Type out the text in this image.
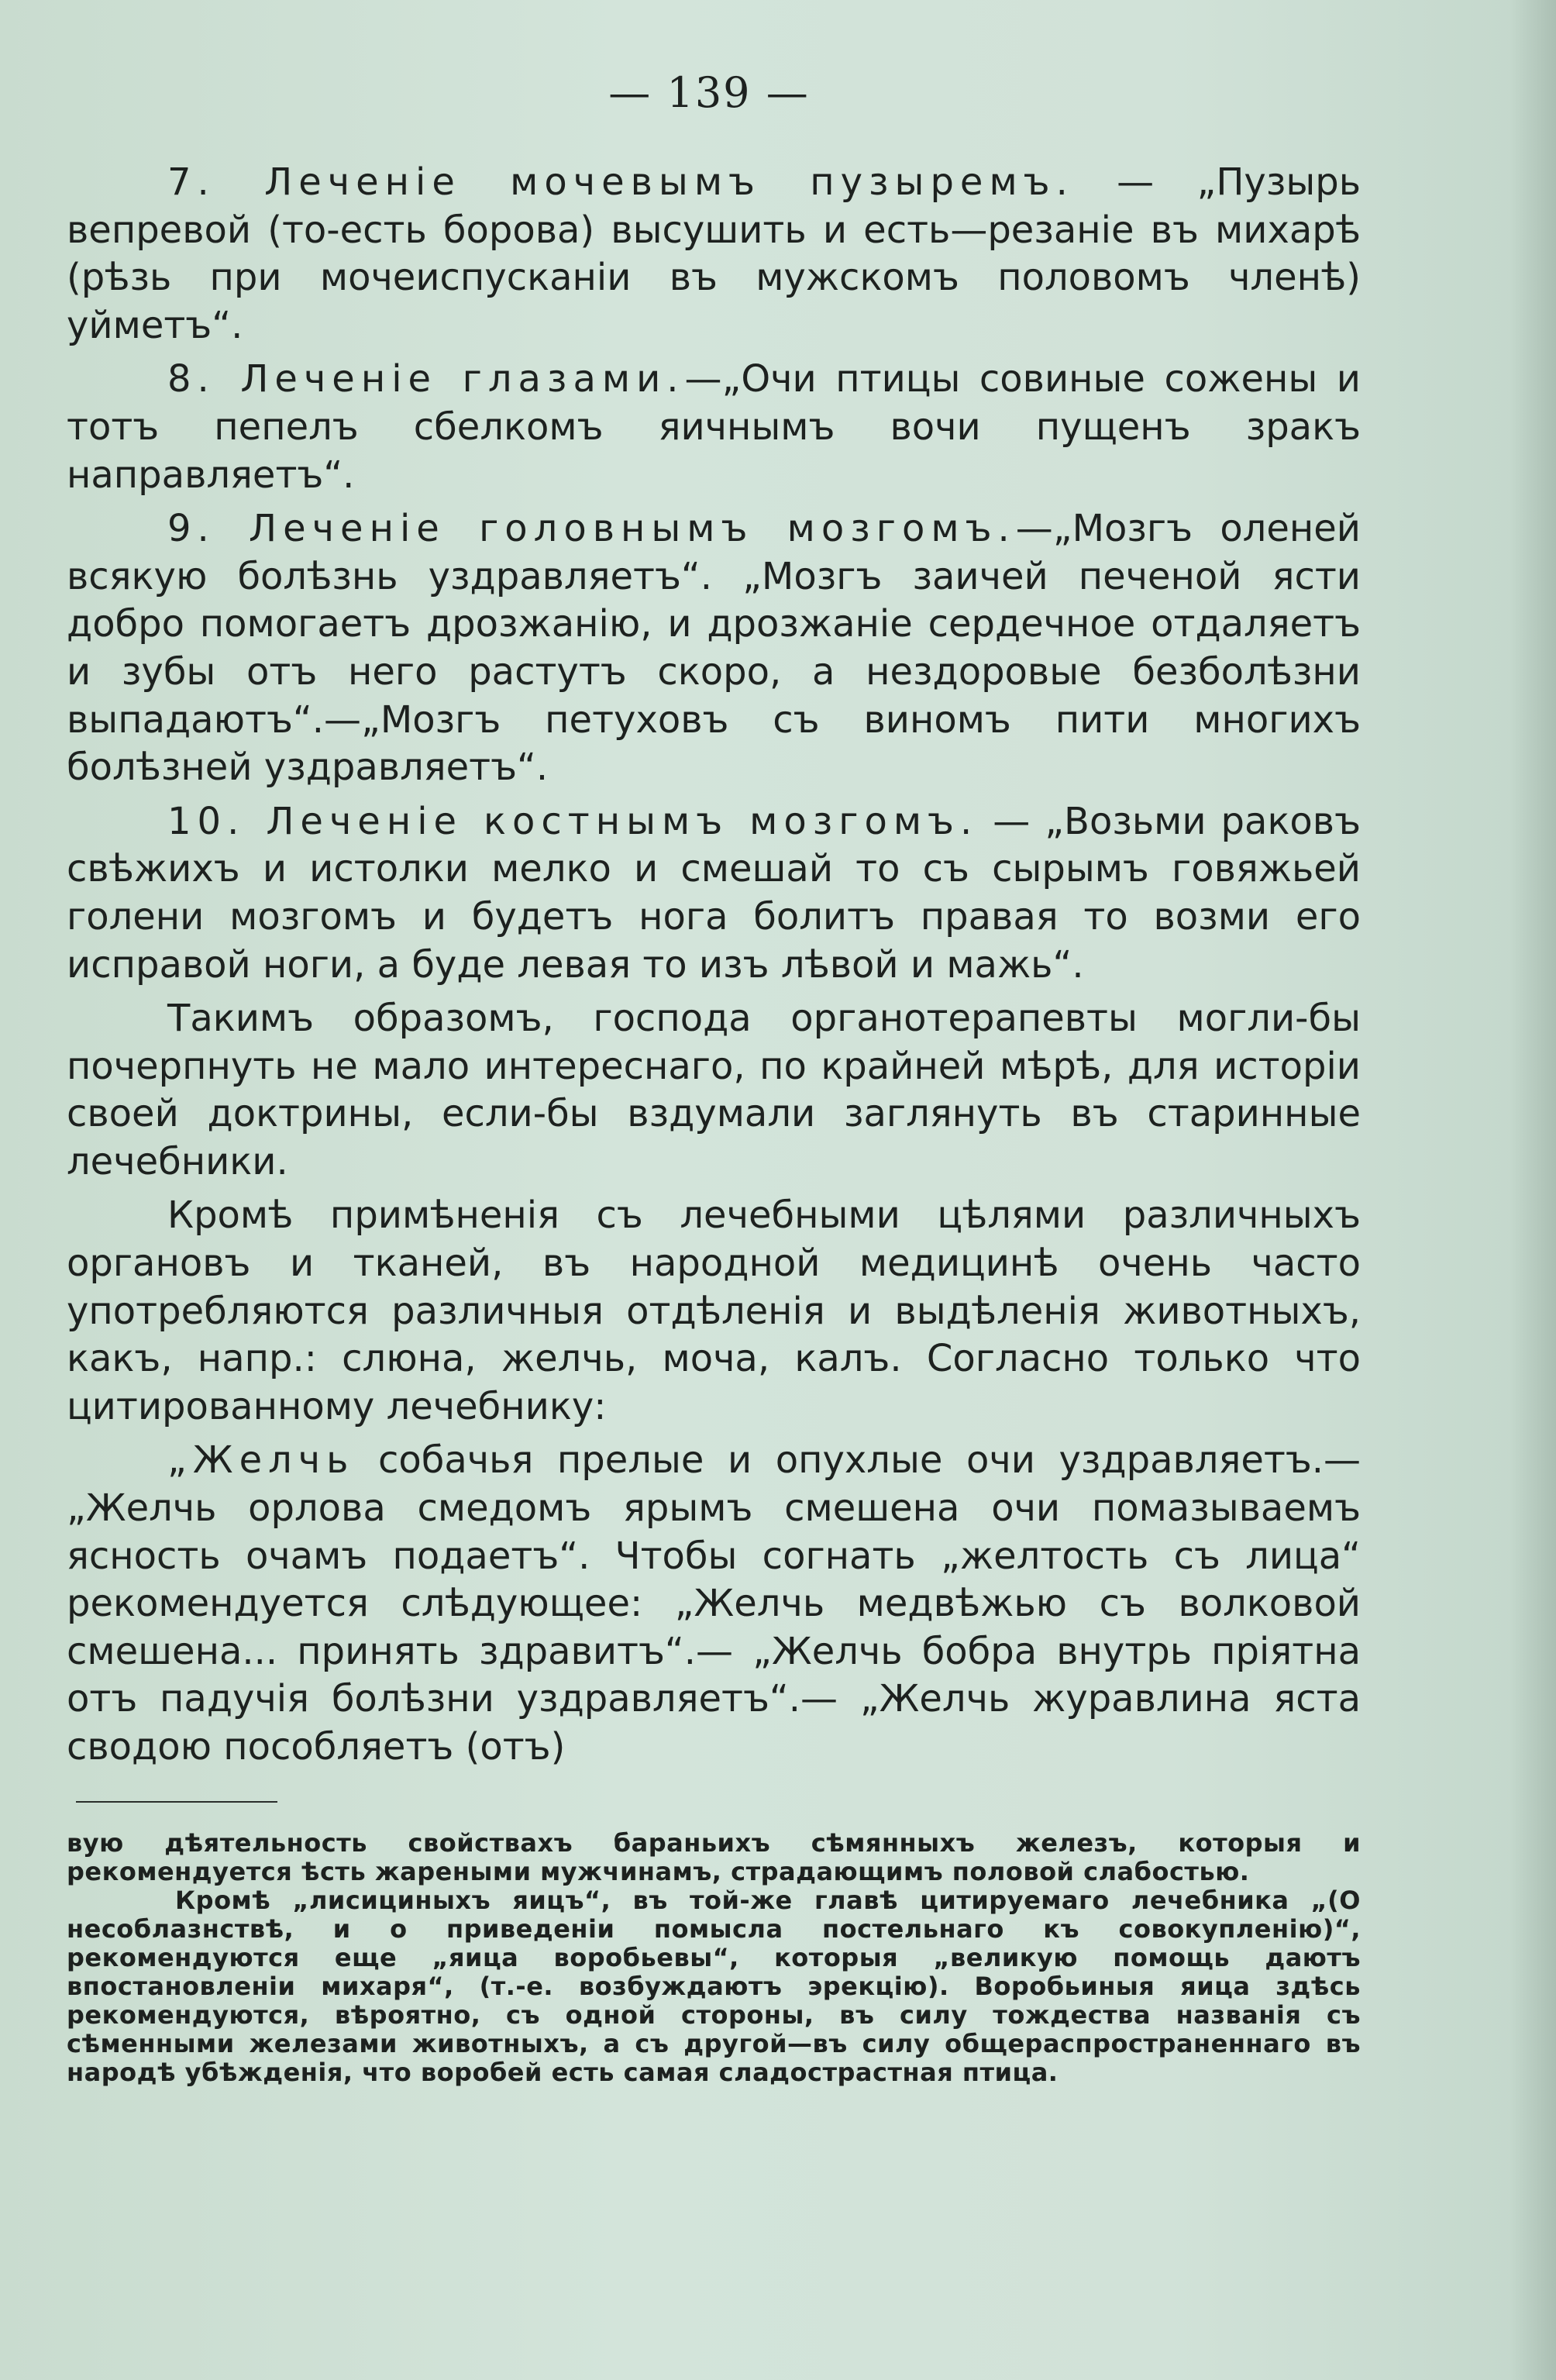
— 139 —

7. Леченіе мочевымъ пузыремъ. — „Пузырь вепревой (то-есть борова) высушить и есть—резаніе въ михарѣ (рѣзь при мочеиспусканіи въ мужскомъ половомъ членѣ) уйметъ“.

8. Леченіе глазами.—„Очи птицы совиные сожены и тотъ пепелъ сбелкомъ яичнымъ вочи пущенъ зракъ направляетъ“.

9. Леченіе головнымъ мозгомъ.—„Мозгъ оленей всякую болѣзнь уздравляетъ“. „Мозгъ заичей печеной ясти добро помогаетъ дрозжанію, и дрозжаніе сердечное отдаляетъ и зубы отъ него растутъ скоро, а нездоровые безболѣзни выпадаютъ“.—„Мозгъ петуховъ съ виномъ пити многихъ болѣзней уздравляетъ“.

10. Леченіе костнымъ мозгомъ. — „Возьми раковъ свѣжихъ и истолки мелко и смешай то съ сырымъ говяжьей голени мозгомъ и будетъ нога болитъ правая то возми его исправой ноги, а буде левая то изъ лѣвой и мажь“.

Такимъ образомъ, господа органотерапевты могли-бы почерпнуть не мало интереснаго, по крайней мѣрѣ, для исторіи своей доктрины, если-бы вздумали заглянуть въ старинные лечебники.

Кромѣ примѣненія съ лечебными цѣлями различныхъ органовъ и тканей, въ народной медицинѣ очень часто употребляются различныя отдѣленія и выдѣленія животныхъ, какъ, напр.: слюна, желчь, моча, калъ. Согласно только что цитированному лечебнику:

„Желчь собачья прелые и опухлые очи уздравляетъ.—„Желчь орлова смедомъ ярымъ смешена очи помазываемъ ясность очамъ подаетъ“. Чтобы согнать „желтость съ лица“ рекомендуется слѣдующее: „Желчь медвѣжью съ волковой смешена... принять здравитъ“.— „Желчь бобра внутрь пріятна отъ падучія болѣзни уздравляетъ“.— „Желчь журавлина яста сводою пособляетъ (отъ)

вую дѣятельность свойствахъ бараньихъ сѣмянныхъ железъ, которыя и рекомендуется ѣсть жареными мужчинамъ, страдающимъ половой слабостью.

Кромѣ „лисициныхъ яицъ“, въ той-же главѣ цитируемаго лечебника „(О несоблазнствѣ, и о приведеніи помысла постельнаго къ совокупленію)“, рекомендуются еще „яица воробьевы“, которыя „великую помощь даютъ впостановленіи михаря“, (т.-е. возбуждаютъ эрекцію). Воробьиныя яица здѣсь рекомендуются, вѣроятно, съ одной стороны, въ силу тождества названія съ сѣменными железами животныхъ, а съ другой—въ силу общераспространеннаго въ народѣ убѣжденія, что воробей есть самая сладострастная птица.
